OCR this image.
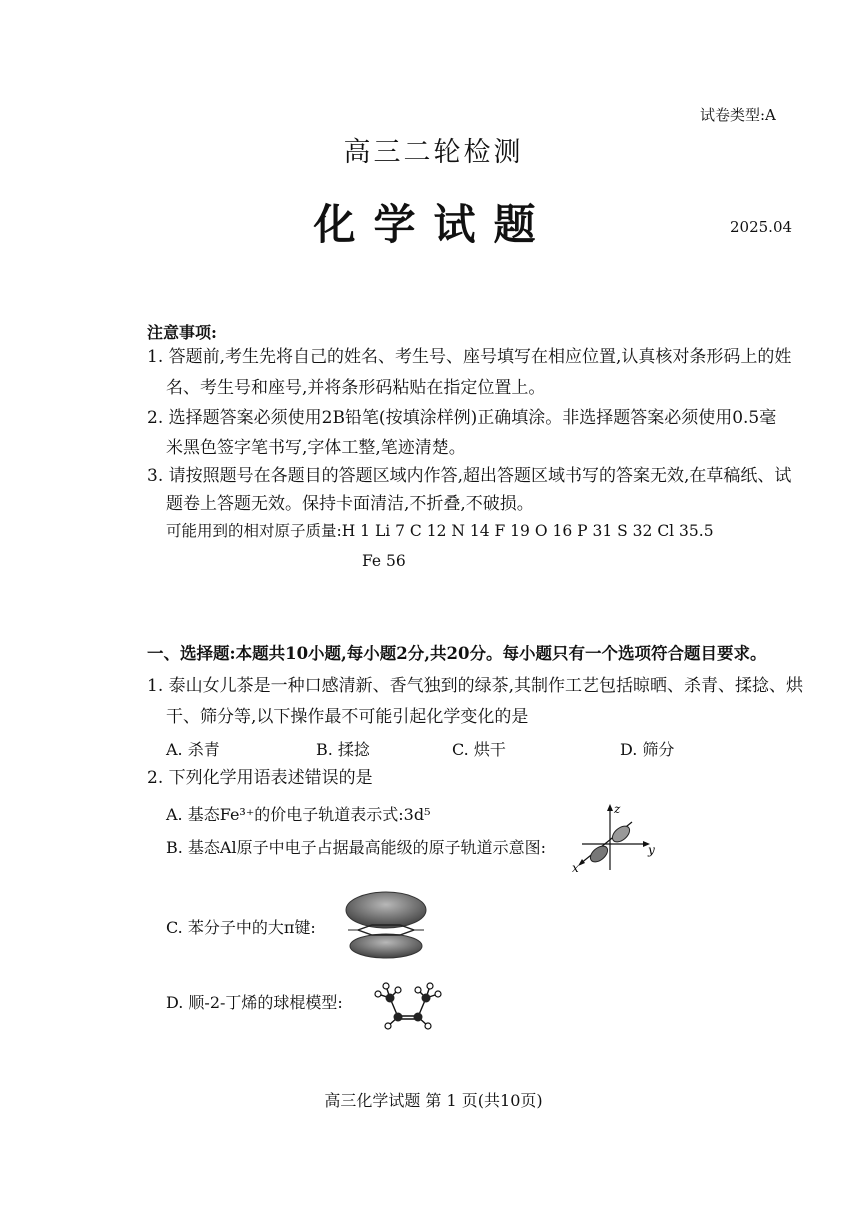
试卷类型:A
高三二轮检测
化学试题	2025.04
注意事项:
1. 答题前,考生先将自己的姓名、考生号、座号填写在相应位置,认真核对条形码上的姓
名、考生号和座号,并将条形码粘贴在指定位置上。
2. 选择题答案必须使用2B铅笔(按填涂样例)正确填涂。非选择题答案必须使用0.5毫
米黑色签字笔书写,字体工整,笔迹清楚。
3. 请按照题号在各题目的答题区域内作答,超出答题区域书写的答案无效,在草稿纸、试
题卷上答题无效。保持卡面清洁,不折叠,不破损。
可能用到的相对原子质量:H 1 Li 7 C 12 N 14 F 19 O 16 P 31 S 32 Cl 35.5
Fe 56
一、选择题:本题共10小题,每小题2分,共20分。每小题只有一个选项符合题目要求。
1. 泰山女儿茶是一种口感清新、香气独到的绿茶,其制作工艺包括晾晒、杀青、揉捻、烘
干、筛分等,以下操作最不可能引起化学变化的是
A. 杀青	B. 揉捻	C. 烘干	D. 筛分
2. 下列化学用语表述错误的是
A. 基态Fe³⁺的价电子轨道表示式:3d⁵
B. 基态Al原子中电子占据最高能级的原子轨道示意图:
z
y
x
C. 苯分子中的大π键:
D. 顺-2-丁烯的球棍模型:
高三化学试题 第 1 页(共10页)
